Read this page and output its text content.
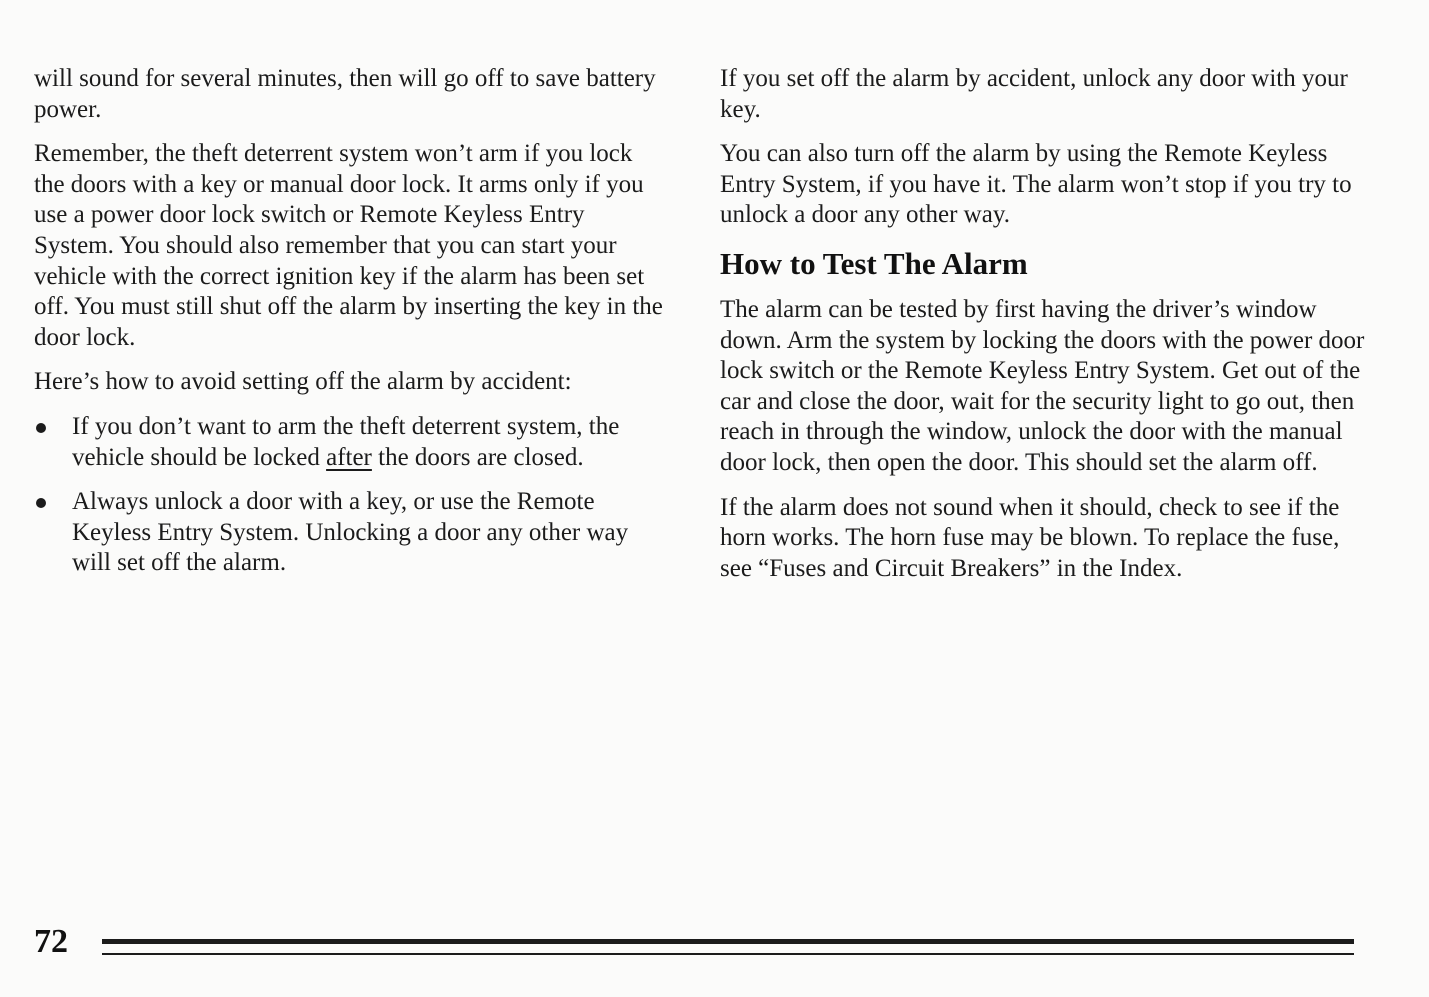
will sound for several minutes, then will go off to save battery power.

Remember, the theft deterrent system won’t arm if you lock the doors with a key or manual door lock. It arms only if you use a power door lock switch or Remote Keyless Entry System. You should also remember that you can start your vehicle with the correct ignition key if the alarm has been set off. You must still shut off the alarm by inserting the key in the door lock.

Here’s how to avoid setting off the alarm by accident:

If you don’t want to arm the theft deterrent system, the vehicle should be locked after the doors are closed.
Always unlock a door with a key, or use the Remote Keyless Entry System. Unlocking a door any other way will set off the alarm.

If you set off the alarm by accident, unlock any door with your key.

You can also turn off the alarm by using the Remote Keyless Entry System, if you have it. The alarm won’t stop if you try to unlock a door any other way.

How to Test The Alarm

The alarm can be tested by first having the driver’s window down. Arm the system by locking the doors with the power door lock switch or the Remote Keyless Entry System. Get out of the car and close the door, wait for the security light to go out, then reach in through the window, unlock the door with the manual door lock, then open the door. This should set the alarm off.

If the alarm does not sound when it should, check to see if the horn works. The horn fuse may be blown. To replace the fuse, see “Fuses and Circuit Breakers” in the Index.

72
